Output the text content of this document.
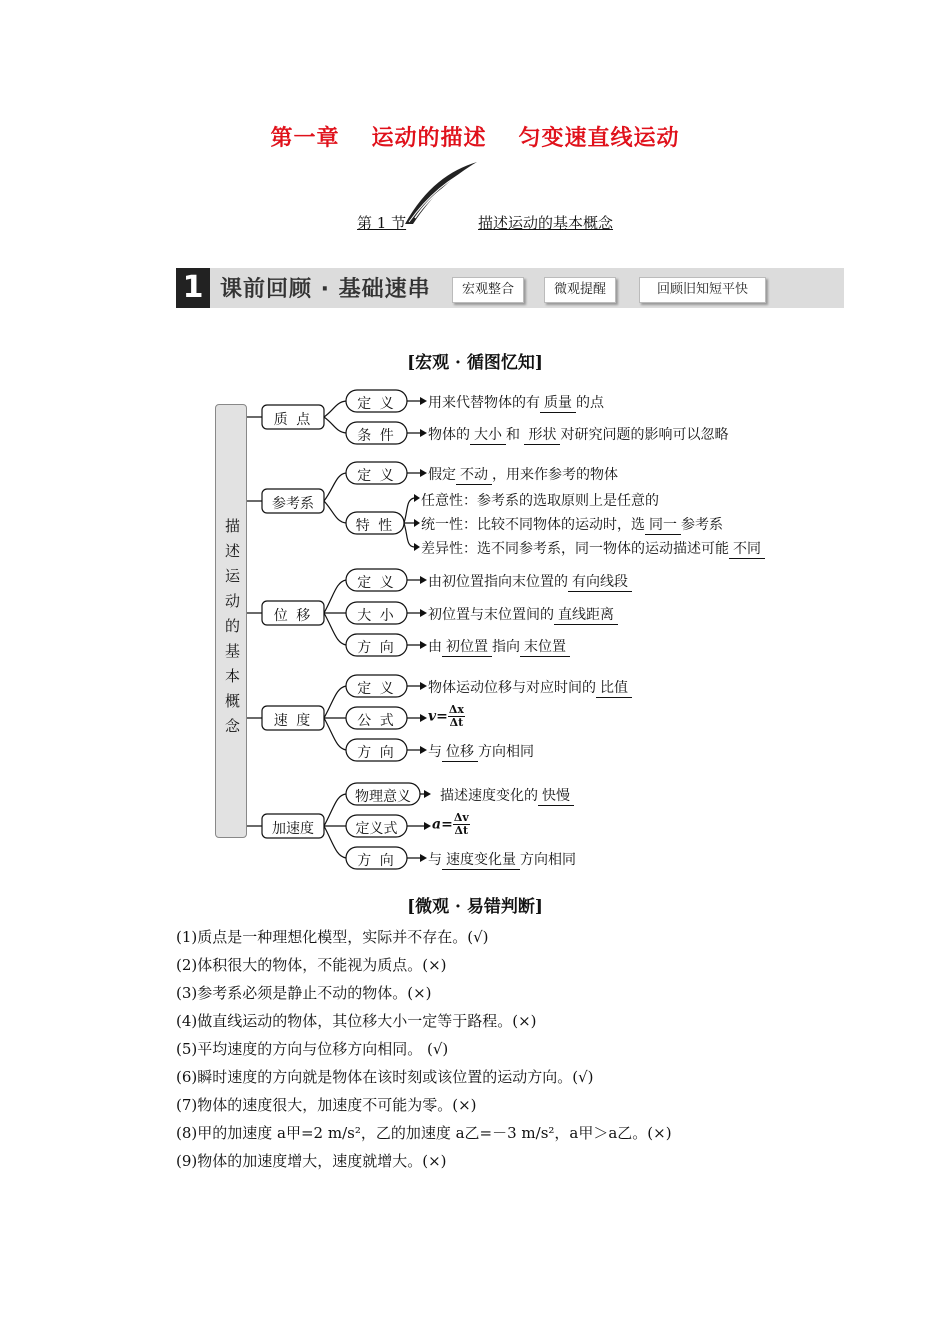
第一章 运动的描述 匀变速直线运动
第 1 节	描述运动的基本概念
1 课前回顾 · 基础速串	宏观整合	微观提醒	回顾旧知短平快
[宏观 · 循图忆知]
描述运动的基本概念
质 点
参考系
位 移
速 度
加速度
定 义	用来代替物体的有 质量 的点
条 件	物体的 大小 和 形状 对研究问题的影响可以忽略
定 义	假定 不动 ，用来作参考的物体
特 性
任意性：参考系的选取原则上是任意的
统一性：比较不同物体的运动时，选 同一 参考系
差异性：选不同参考系，同一物体的运动描述可能 不同
定 义	由初位置指向末位置的 有向线段
大 小	初位置与末位置间的 直线距离
方 向	由 初位置 指向 末位置
定 义	物体运动位移与对应时间的 比值
公 式	$v= \frac{\Delta x}{\Delta t}$
方 向	与 位移 方向相同
物理意义	描述速度变化的 快慢
定义式	$a= \frac{\Delta v}{\Delta t}$
方 向	与 速度变化量 方向相同
[微观 · 易错判断]
(1)质点是一种理想化模型，实际并不存在。(√)
(2)体积很大的物体，不能视为质点。(×)
(3)参考系必须是静止不动的物体。(×)
(4)做直线运动的物体，其位移大小一定等于路程。(×)
(5)平均速度的方向与位移方向相同。 (√)
(6)瞬时速度的方向就是物体在该时刻或该位置的运动方向。(√)
(7)物体的速度很大，加速度不可能为零。(×)
(8)甲的加速度 a甲=2 m/s²，乙的加速度 a乙=－3 m/s²，a甲＞a乙。(×)
(9)物体的加速度增大，速度就增大。(×)
